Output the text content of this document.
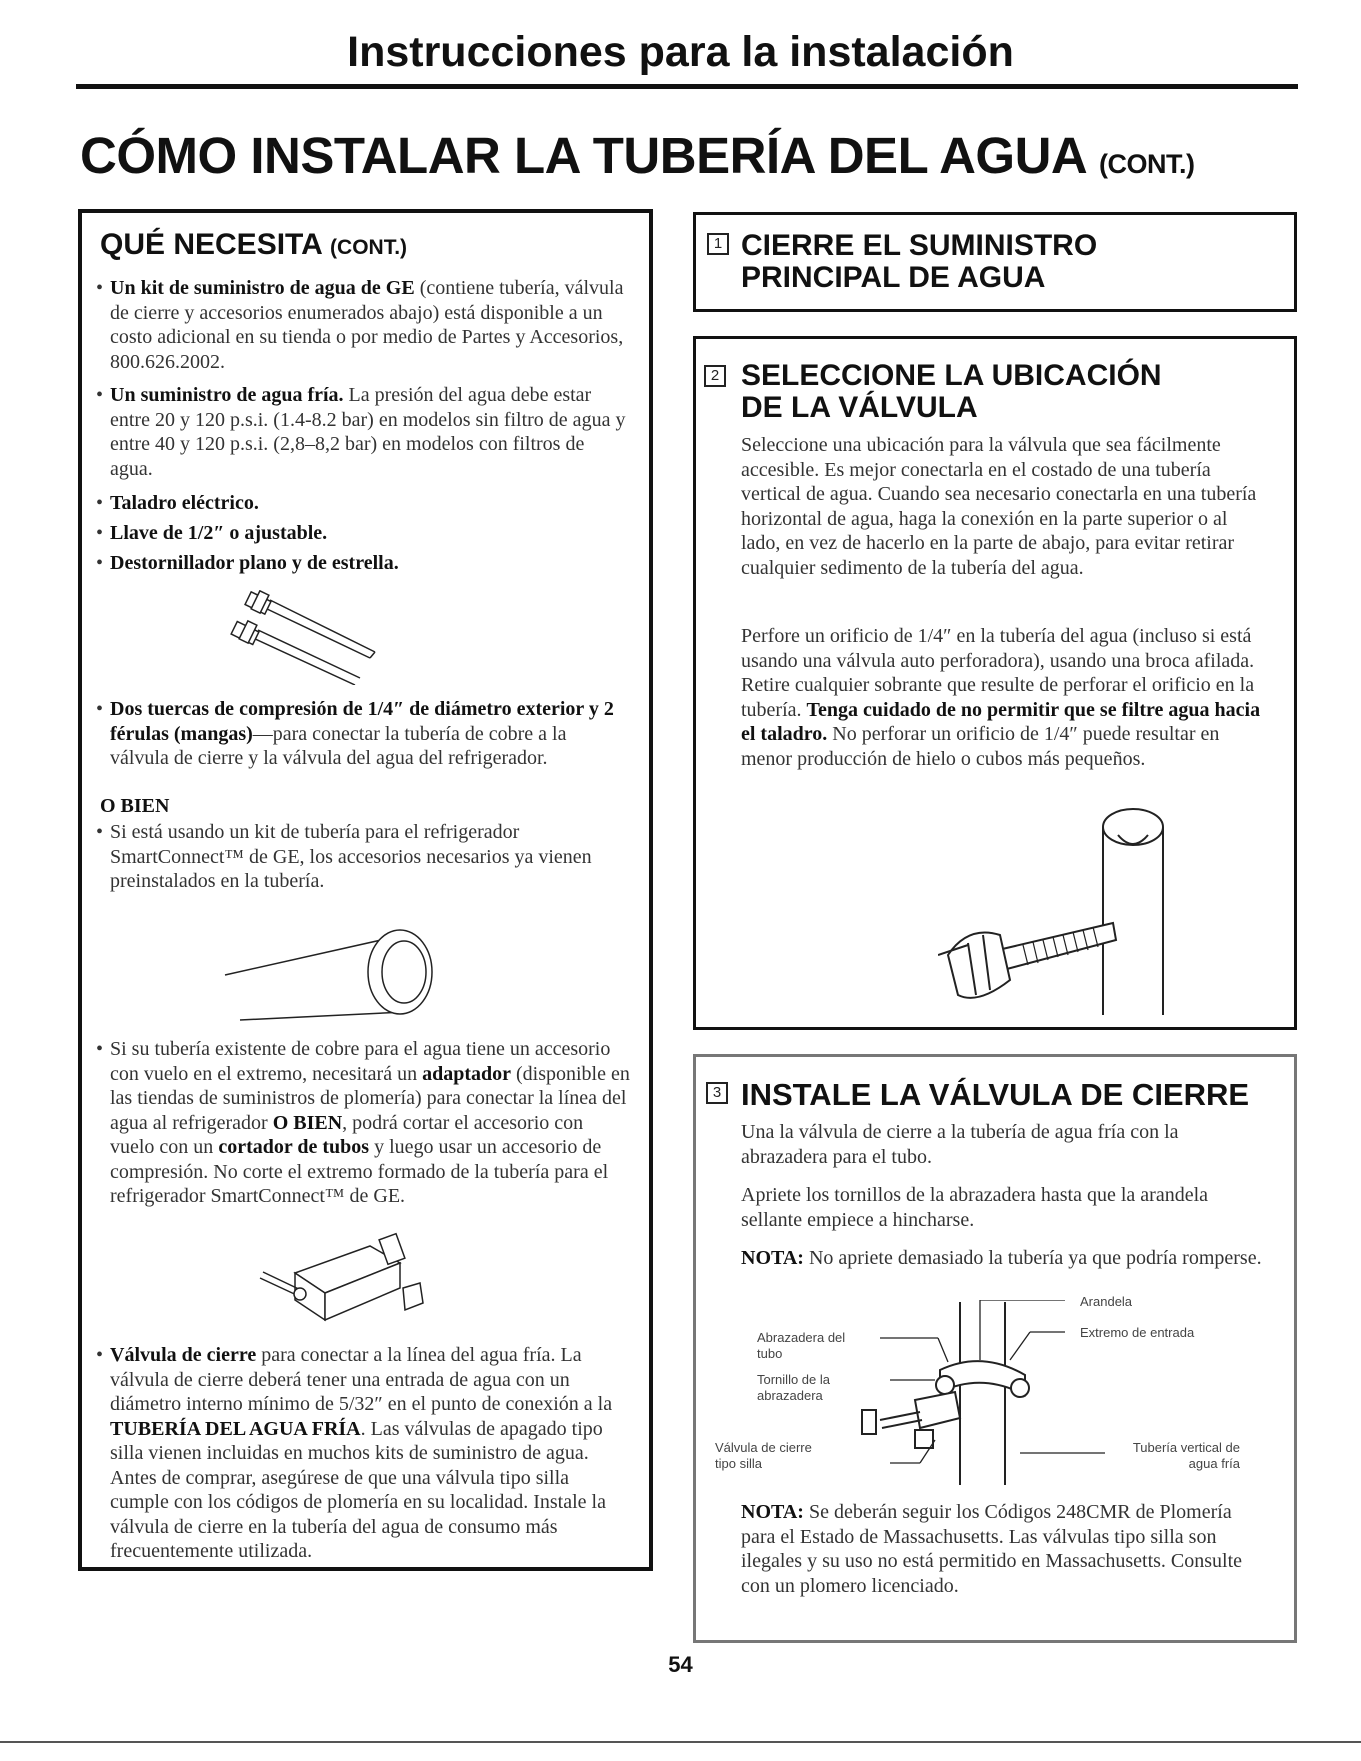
Instrucciones para la instalación
CÓMO INSTALAR LA TUBERÍA DEL AGUA (CONT.)
QUÉ NECESITA (CONT.)
• Un kit de suministro de agua de GE (contiene tubería, válvula de cierre y accesorios enumerados abajo) está disponible a un costo adicional en su tienda o por medio de Partes y Accesorios, 800.626.2002.
• Un suministro de agua fría. La presión del agua debe estar entre 20 y 120 p.s.i. (1.4-8.2 bar) en modelos sin filtro de agua y entre 40 y 120 p.s.i. (2,8–8,2 bar) en modelos con filtros de agua.
• Taladro eléctrico.
• Llave de 1/2″ o ajustable.
• Destornillador plano y de estrella.
• Dos tuercas de compresión de 1/4″ de diámetro exterior y 2 férulas (mangas)—para conectar la tubería de cobre a la válvula de cierre y la válvula del agua del refrigerador.
O BIEN
• Si está usando un kit de tubería para el refrigerador SmartConnect™ de GE, los accesorios necesarios ya vienen preinstalados en la tubería.
• Si su tubería existente de cobre para el agua tiene un accesorio con vuelo en el extremo, necesitará un adaptador (disponible en las tiendas de suministros de plomería) para conectar la línea del agua al refrigerador O BIEN, podrá cortar el accesorio con vuelo con un cortador de tubos y luego usar un accesorio de compresión. No corte el extremo formado de la tubería para el refrigerador SmartConnect™ de GE.
• Válvula de cierre para conectar a la línea del agua fría. La válvula de cierre deberá tener una entrada de agua con un diámetro interno mínimo de 5/32″ en el punto de conexión a la TUBERÍA DEL AGUA FRÍA. Las válvulas de apagado tipo silla vienen incluidas en muchos kits de suministro de agua. Antes de comprar, asegúrese de que una válvula tipo silla cumple con los códigos de plomería en su localidad. Instale la válvula de cierre en la tubería del agua de consumo más frecuentemente utilizada.
1 CIERRE EL SUMINISTRO
PRINCIPAL DE AGUA
2 SELECCIONE LA UBICACIÓN
DE LA VÁLVULA
Seleccione una ubicación para la válvula que sea fácilmente accesible. Es mejor conectarla en el costado de una tubería vertical de agua. Cuando sea necesario conectarla en una tubería horizontal de agua, haga la conexión en la parte superior o al lado, en vez de hacerlo en la parte de abajo, para evitar retirar cualquier sedimento de la tubería del agua.
Perfore un orificio de 1/4″ en la tubería del agua (incluso si está usando una válvula auto perforadora), usando una broca afilada. Retire cualquier sobrante que resulte de perforar el orificio en la tubería. Tenga cuidado de no permitir que se filtre agua hacia el taladro. No perforar un orificio de 1/4″ puede resultar en menor producción de hielo o cubos más pequeños.
3 INSTALE LA VÁLVULA DE CIERRE
Una la válvula de cierre a la tubería de agua fría con la abrazadera para el tubo.
Apriete los tornillos de la abrazadera hasta que la arandela sellante empiece a hincharse.
NOTA: No apriete demasiado la tubería ya que podría romperse.
Arandela
Abrazadera del tubo
Extremo de entrada
Tornillo de la abrazadera
Válvula de cierre tipo silla
Tubería vertical de agua fría
NOTA: Se deberán seguir los Códigos 248CMR de Plomería para el Estado de Massachusetts. Las válvulas tipo silla son ilegales y su uso no está permitido en Massachusetts. Consulte con un plomero licenciado.
54
